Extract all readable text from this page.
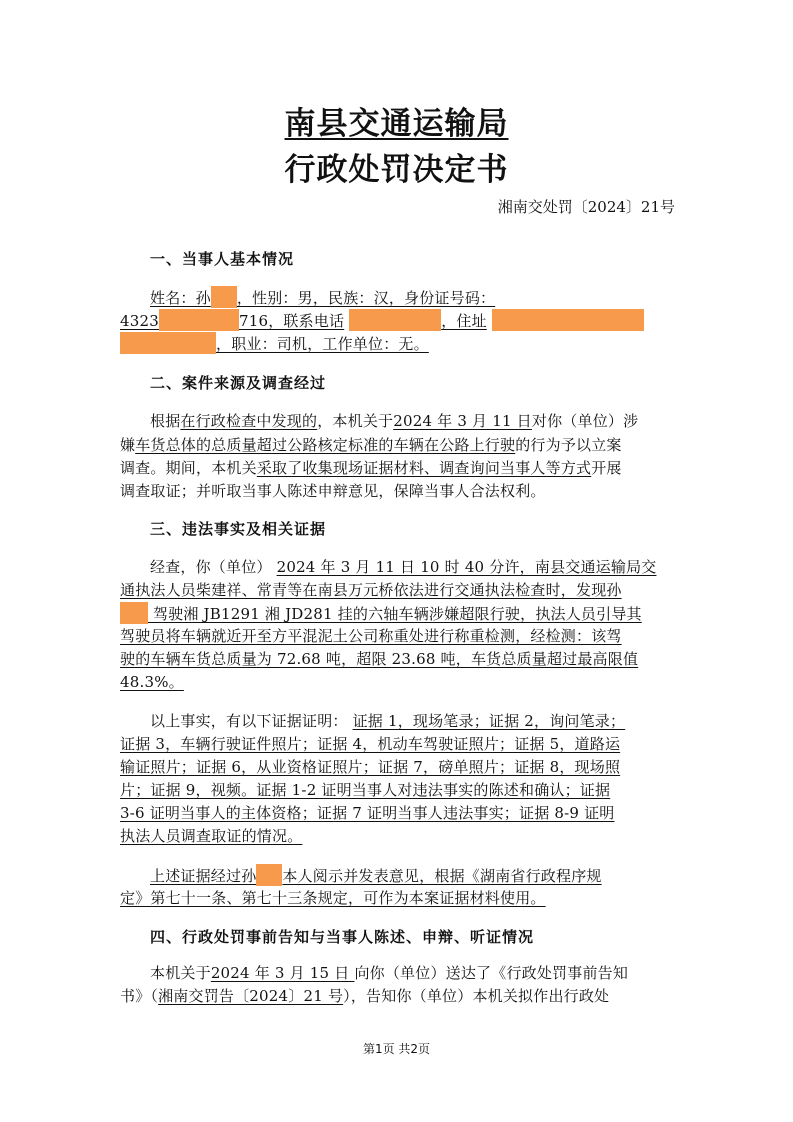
南县交通运输局
行政处罚决定书
湘南交处罚〔2024〕21号
一、当事人基本情况
姓名：孙 ，性别：男，民族：汉，身份证号码：
4323	716，联系电话	，住址
，职业：司机，工作单位：无。
二、案件来源及调查经过
根据在行政检查中发现的，本机关于2024 年 3 月 11 日对你（单位）涉
嫌车货总体的总质量超过公路核定标准的车辆在公路上行驶的行为予以立案
调查。期间，本机关采取了收集现场证据材料、调查询问当事人等方式开展
调查取证；并听取当事人陈述申辩意见，保障当事人合法权利。
三、违法事实及相关证据
经查，你（单位） 2024 年 3 月 11 日 10 时 40 分许，南县交通运输局交
通执法人员柴建祥、常青等在南县万元桥依法进行交通执法检查时，发现孙
驾驶湘 JB1291 湘 JD281 挂的六轴车辆涉嫌超限行驶，执法人员引导其
驾驶员将车辆就近开至方平混泥土公司称重处进行称重检测，经检测：该驾
驶的车辆车货总质量为 72.68 吨，超限 23.68 吨，车货总质量超过最高限值
48.3%。
以上事实，有以下证据证明： 证据 1，现场笔录；证据 2，询问笔录；
证据 3，车辆行驶证件照片；证据 4，机动车驾驶证照片；证据 5，道路运
输证照片；证据 6，从业资格证照片；证据 7，磅单照片；证据 8，现场照
片；证据 9，视频。证据 1-2 证明当事人对违法事实的陈述和确认；证据
3-6 证明当事人的主体资格；证据 7 证明当事人违法事实；证据 8-9 证明
执法人员调查取证的情况。
上述证据经过孙 本人阅示并发表意见，根据《湖南省行政程序规
定》第七十一条、第七十三条规定，可作为本案证据材料使用。
四、行政处罚事前告知与当事人陈述、申辩、听证情况
本机关于2024 年 3 月 15 日 向你（单位）送达了《行政处罚事前告知
书》（湘南交罚告〔2024〕21 号），告知你（单位）本机关拟作出行政处
第1页 共2页
